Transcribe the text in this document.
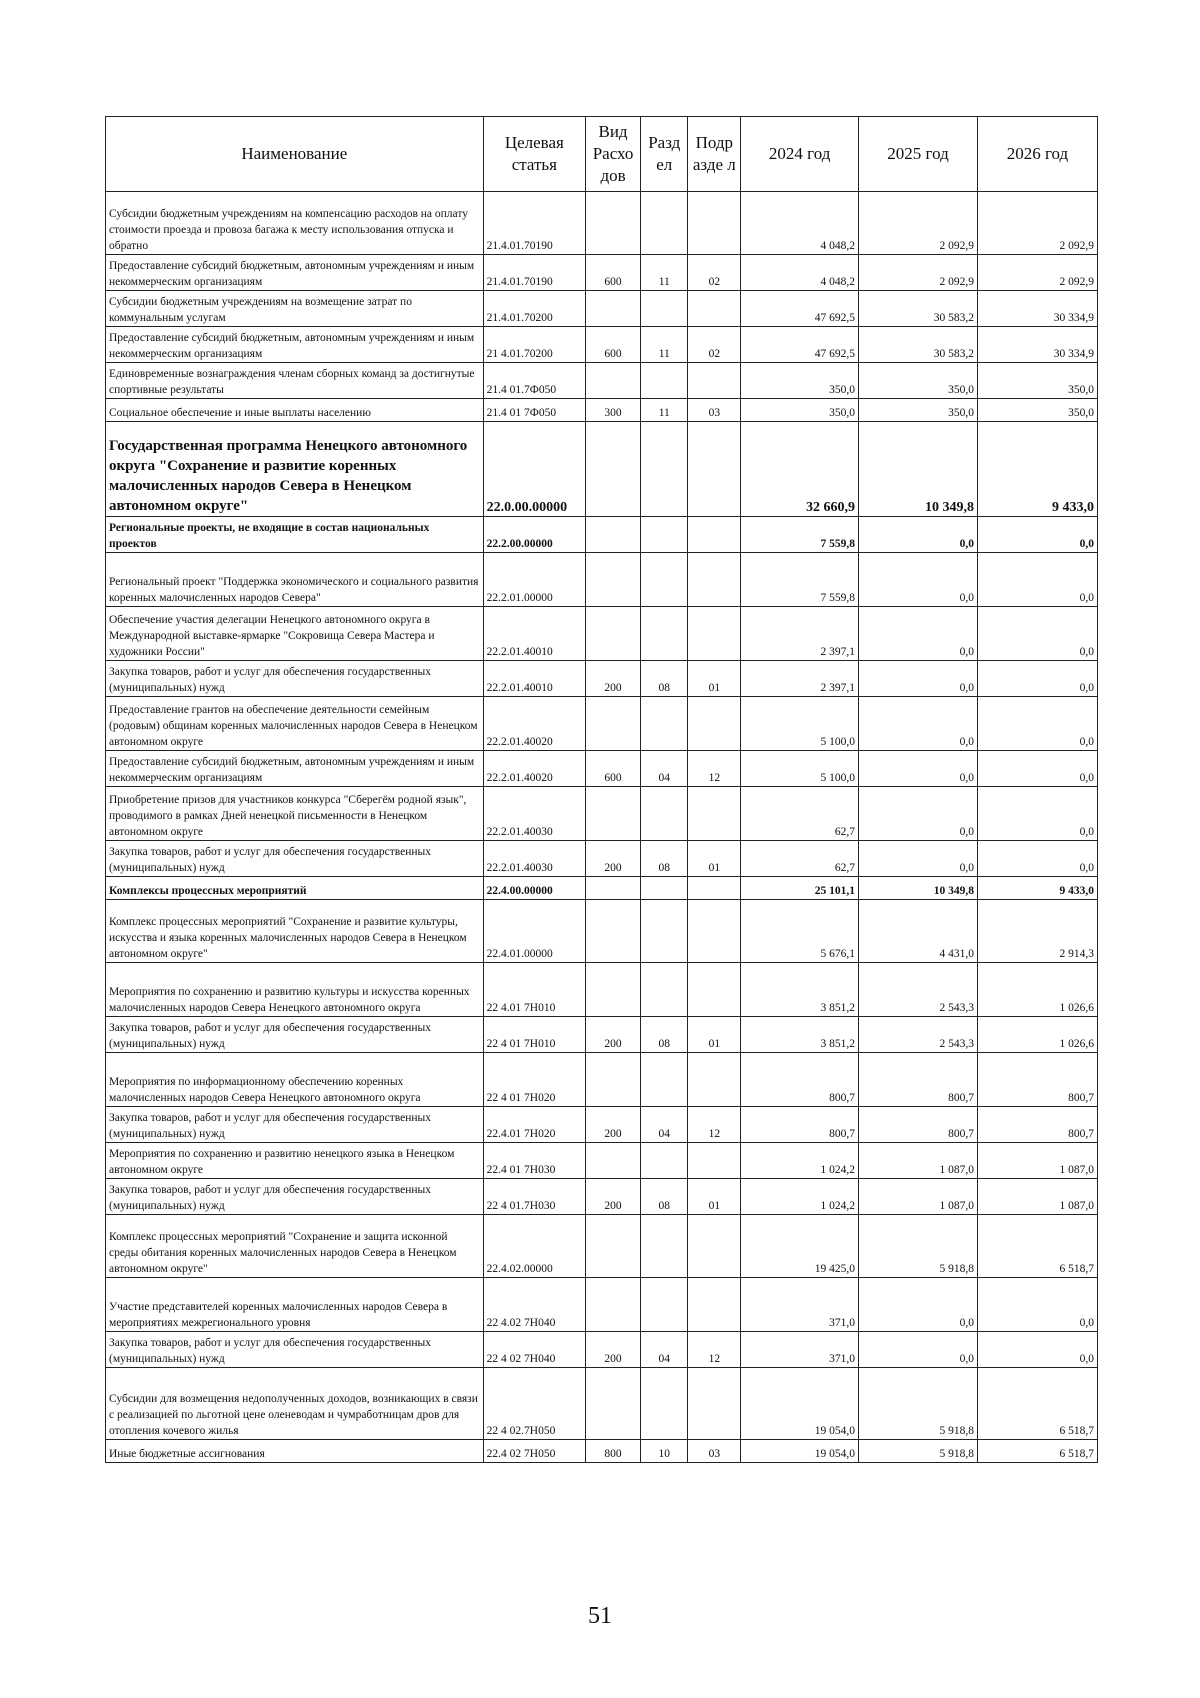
Наименование	Целевая статья	Вид Расхо дов	Разд ел	Подр азде л	2024 год	2025 год	2026 год
Субсидии бюджетным учреждениям на компенсацию расходов на оплату стоимости проезда и провоза багажа к месту использования отпуска и обратно	21.4.01.70190				4 048,2	2 092,9	2 092,9
Предоставление субсидий бюджетным, автономным учреждениям и иным некоммерческим организациям	21.4.01.70190	600	11	02	4 048,2	2 092,9	2 092,9
Субсидии бюджетным учреждениям на возмещение затрат по коммунальным услугам	21.4.01.70200				47 692,5	30 583,2	30 334,9
Предоставление субсидий бюджетным, автономным учреждениям и иным некоммерческим организациям	21 4.01.70200	600	11	02	47 692,5	30 583,2	30 334,9
Единовременные вознаграждения членам сборных команд за достигнутые спортивные результаты	21.4 01.7Ф050				350,0	350,0	350,0
Социальное обеспечение и иные выплаты населению	21.4 01 7Ф050	300	11	03	350,0	350,0	350,0
Государственная программа Ненецкого автономного округа "Сохранение и развитие коренных малочисленных народов Севера в Ненецком автономном округе"	22.0.00.00000				32 660,9	10 349,8	9 433,0
Региональные проекты, не входящие в состав национальных проектов	22.2.00.00000				7 559,8	0,0	0,0
Региональный проект "Поддержка экономического и социального развития коренных малочисленных народов Севера"	22.2.01.00000				7 559,8	0,0	0,0
Обеспечение участия делегации Ненецкого автономного округа в Международной выставке-ярмарке "Сокровища Севера Мастера и художники России"	22.2.01.40010				2 397,1	0,0	0,0
Закупка товаров, работ и услуг для обеспечения государственных (муниципальных) нужд	22.2.01.40010	200	08	01	2 397,1	0,0	0,0
Предоставление грантов на обеспечение деятельности семейным (родовым) общинам коренных малочисленных народов Севера в Ненецком автономном округе	22.2.01.40020				5 100,0	0,0	0,0
Предоставление субсидий бюджетным, автономным учреждениям и иным некоммерческим организациям	22.2.01.40020	600	04	12	5 100,0	0,0	0,0
Приобретение призов для участников конкурса "Сберегём родной язык", проводимого в рамках Дней ненецкой письменности в Ненецком автономном округе	22.2.01.40030				62,7	0,0	0,0
Закупка товаров, работ и услуг для обеспечения государственных (муниципальных) нужд	22.2.01.40030	200	08	01	62,7	0,0	0,0
Комплексы процессных мероприятий	22.4.00.00000				25 101,1	10 349,8	9 433,0
Комплекс процессных мероприятий "Сохранение и развитие культуры, искусства и языка коренных малочисленных народов Севера в Ненецком автономном округе"	22.4.01.00000				5 676,1	4 431,0	2 914,3
Мероприятия по сохранению и развитию культуры и искусства коренных малочисленных народов Севера Ненецкого автономного округа	22 4.01 7Н010				3 851,2	2 543,3	1 026,6
Закупка товаров, работ и услуг для обеспечения государственных (муниципальных) нужд	22 4 01 7Н010	200	08	01	3 851,2	2 543,3	1 026,6
Мероприятия по информационному обеспечению коренных малочисленных народов Севера Ненецкого автономного округа	22 4 01 7Н020				800,7	800,7	800,7
Закупка товаров, работ и услуг для обеспечения государственных (муниципальных) нужд	22.4.01 7Н020	200	04	12	800,7	800,7	800,7
Мероприятия по сохранению и развитию ненецкого языка в Ненецком автономном округе	22.4 01 7Н030				1 024,2	1 087,0	1 087,0
Закупка товаров, работ и услуг для обеспечения государственных (муниципальных) нужд	22 4 01.7Н030	200	08	01	1 024,2	1 087,0	1 087,0
Комплекс процессных мероприятий "Сохранение и защита исконной среды обитания коренных малочисленных народов Севера в Ненецком автономном округе"	22.4.02.00000				19 425,0	5 918,8	6 518,7
Участие представителей коренных малочисленных народов Севера в мероприятиях межрегионального уровня	22 4.02 7Н040				371,0	0,0	0,0
Закупка товаров, работ и услуг для обеспечения государственных (муниципальных) нужд	22 4 02 7Н040	200	04	12	371,0	0,0	0,0
Субсидии для возмещения недополученных доходов, возникающих в связи с реализацией по льготной цене оленеводам и чумработницам дров для отопления кочевого жилья	22 4 02.7Н050				19 054,0	5 918,8	6 518,7
Иные бюджетные ассигнования	22.4 02 7Н050	800	10	03	19 054,0	5 918,8	6 518,7
51
